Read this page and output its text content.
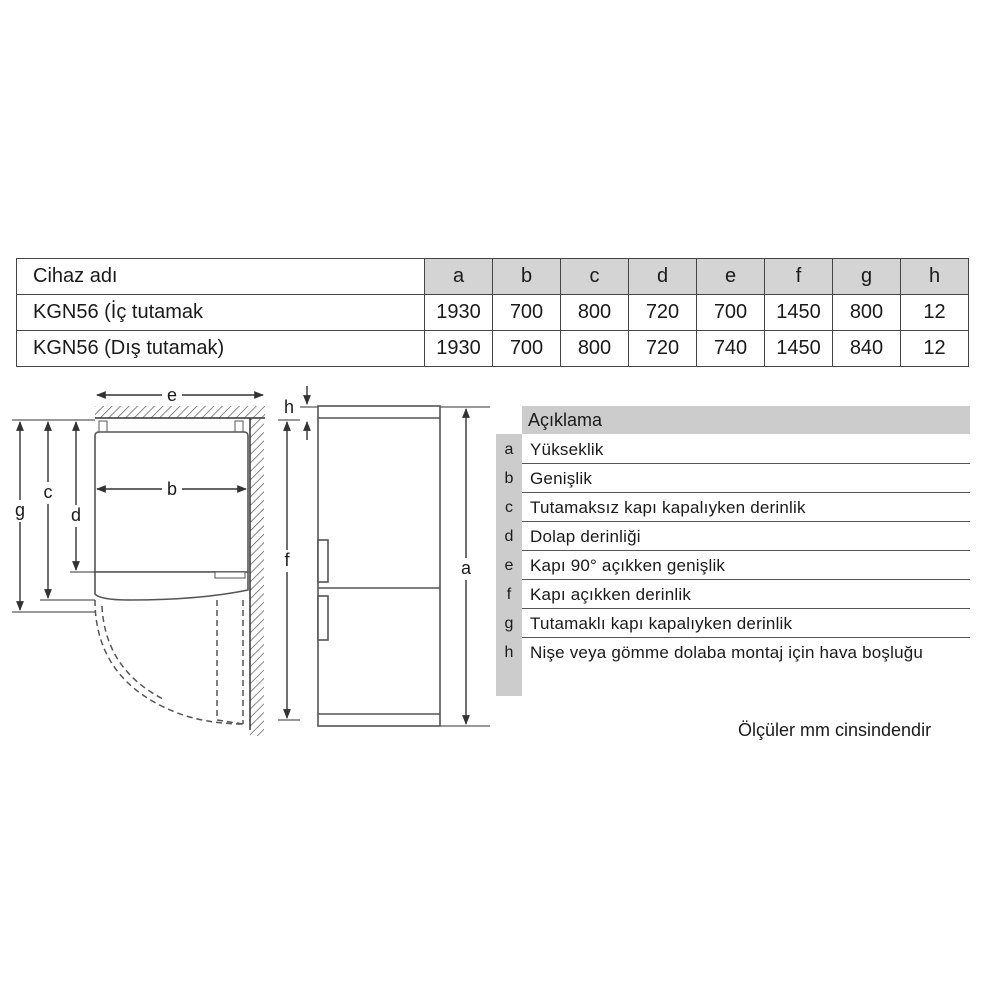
Cihaz adı	a	b	c	d	e	f	g	h
KGN56 (İç tutamak	1930	700	800	720	700	1450	800	12
KGN56 (Dış tutamak)	1930	700	800	720	740	1450	840	12
e
b
g
c
d
f
h
a
Açıklama
a Yükseklik
b Genişlik
c	Tutamaksız kapı kapalıyken derinlik
d Dolap derinliği
e Kapı 90° açıkken genişlik
f	Kapı açıkken derinlik
g Tutamaklı kapı kapalıyken derinlik
h Nişe veya gömme dolaba montaj için hava boşluğu
Ölçüler mm cinsindendir
